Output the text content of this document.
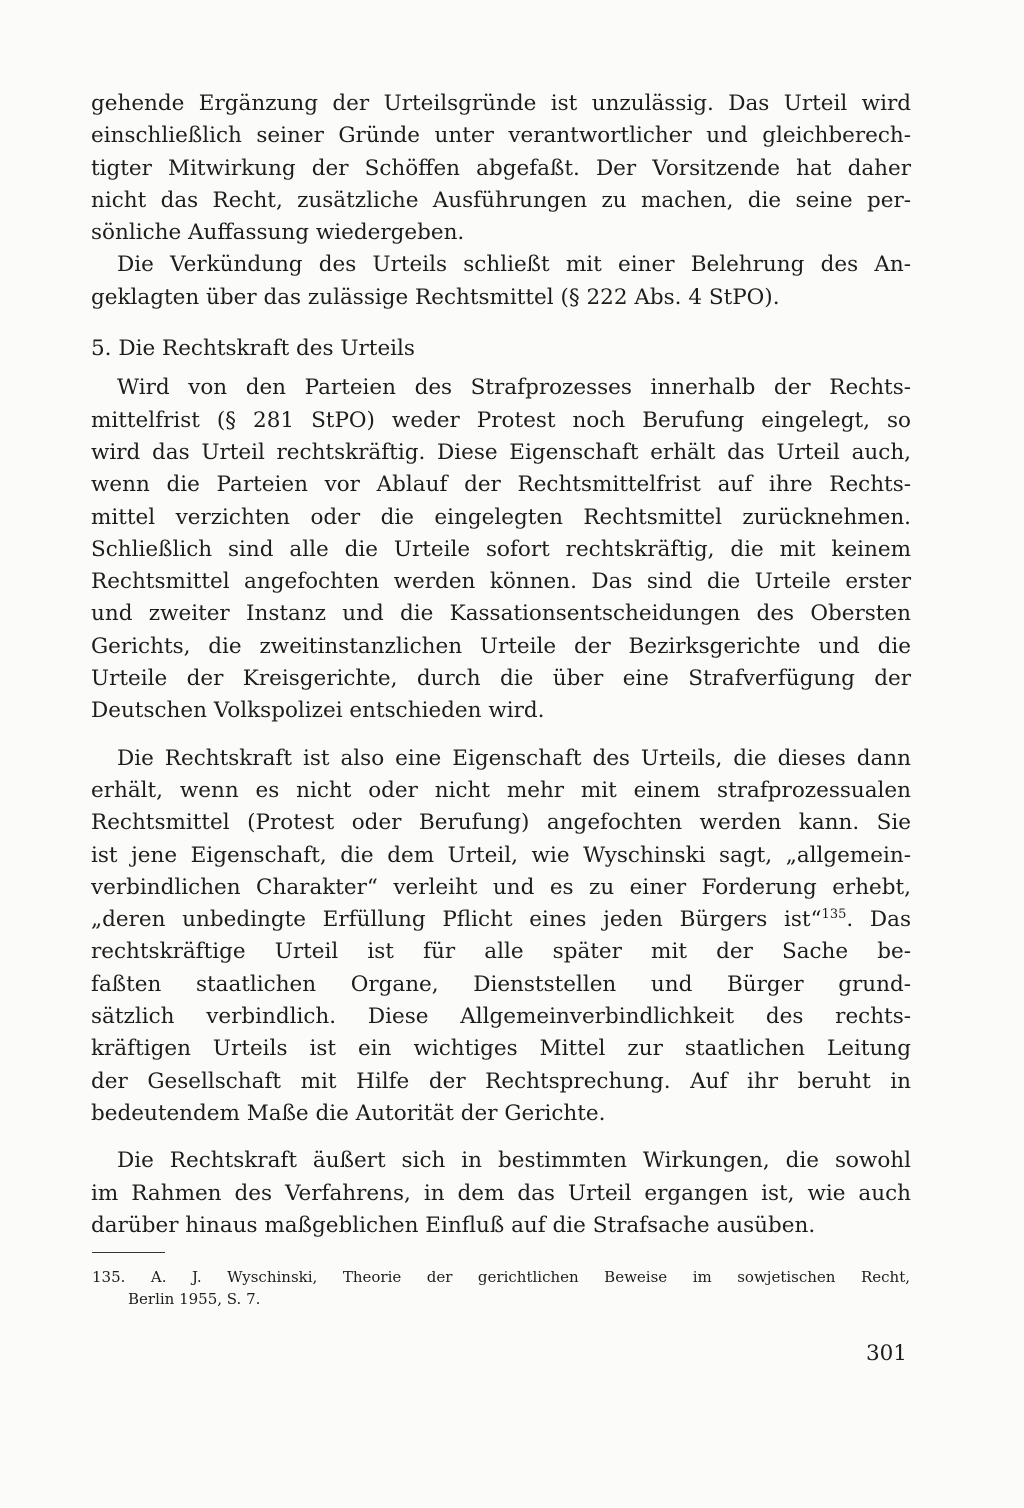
gehende Ergänzung der Urteilsgründe ist unzulässig. Das Urteil wird
einschließlich seiner Gründe unter verantwortlicher und gleichberech-
tigter Mitwirkung der Schöffen abgefaßt. Der Vorsitzende hat daher
nicht das Recht, zusätzliche Ausführungen zu machen, die seine per-
sönliche Auffassung wiedergeben.
Die Verkündung des Urteils schließt mit einer Belehrung des An-
geklagten über das zulässige Rechtsmittel (§ 222 Abs. 4 StPO).
5. Die Rechtskraft des Urteils
Wird von den Parteien des Strafprozesses innerhalb der Rechts-
mittelfrist (§ 281 StPO) weder Protest noch Berufung eingelegt, so
wird das Urteil rechtskräftig. Diese Eigenschaft erhält das Urteil auch,
wenn die Parteien vor Ablauf der Rechtsmittelfrist auf ihre Rechts-
mittel verzichten oder die eingelegten Rechtsmittel zurücknehmen.
Schließlich sind alle die Urteile sofort rechtskräftig, die mit keinem
Rechtsmittel angefochten werden können. Das sind die Urteile erster
und zweiter Instanz und die Kassationsentscheidungen des Obersten
Gerichts, die zweitinstanzlichen Urteile der Bezirksgerichte und die
Urteile der Kreisgerichte, durch die über eine Strafverfügung der
Deutschen Volkspolizei entschieden wird.
Die Rechtskraft ist also eine Eigenschaft des Urteils, die dieses dann
erhält, wenn es nicht oder nicht mehr mit einem strafprozessualen
Rechtsmittel (Protest oder Berufung) angefochten werden kann. Sie
ist jene Eigenschaft, die dem Urteil, wie Wyschinski sagt, „allgemein-
verbindlichen Charakter“ verleiht und es zu einer Forderung erhebt,
„deren unbedingte Erfüllung Pflicht eines jeden Bürgers ist“$^{135}$. Das
rechtskräftige Urteil ist für alle später mit der Sache be-
faßten staatlichen Organe, Dienststellen und Bürger grund-
sätzlich verbindlich. Diese Allgemeinverbindlichkeit des rechts-
kräftigen Urteils ist ein wichtiges Mittel zur staatlichen Leitung
der Gesellschaft mit Hilfe der Rechtsprechung. Auf ihr beruht in
bedeutendem Maße die Autorität der Gerichte.
Die Rechtskraft äußert sich in bestimmten Wirkungen, die sowohl
im Rahmen des Verfahrens, in dem das Urteil ergangen ist, wie auch
darüber hinaus maßgeblichen Einfluß auf die Strafsache ausüben.
135. A. J. Wyschinski, Theorie der gerichtlichen Beweise im sowjetischen Recht,
Berlin 1955, S. 7.
301
